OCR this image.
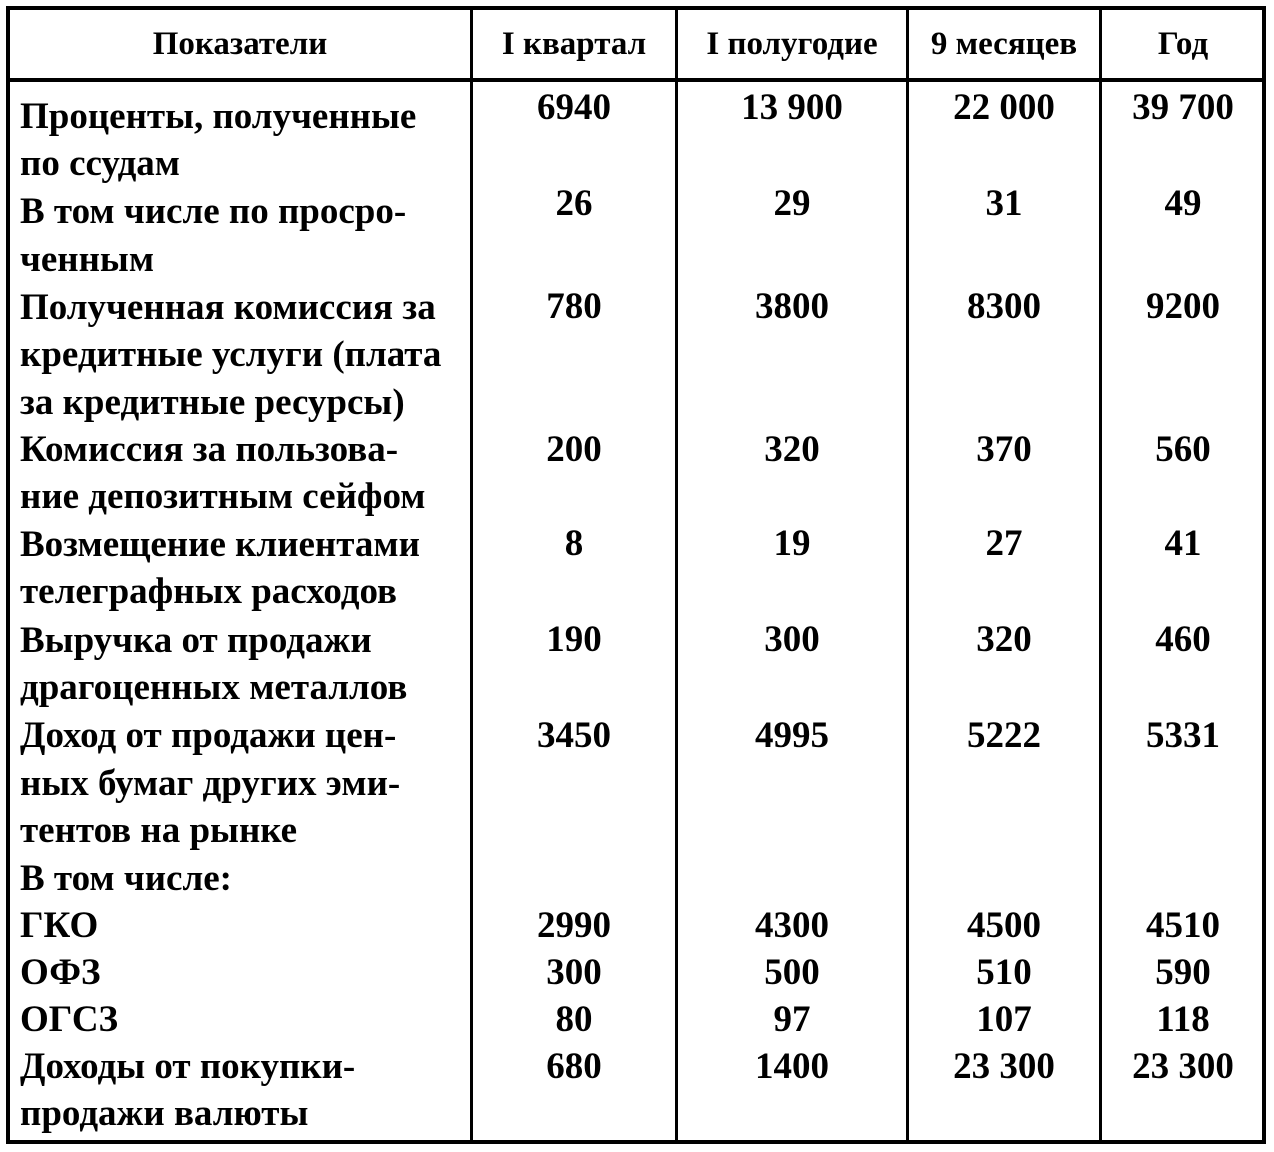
Показатели	I квартал	I полугодие	9 месяцев	Год
Проценты, полученные
по ссудам
6940	13 900	22 000	39 700
В том числе по просро-
ченным
26	29	31	49
Полученная комиссия за
кредитные услуги (плата
за кредитные ресурсы)
780	3800	8300	9200
Комиссия за пользова-
ние депозитным сейфом
200	320	370	560
Возмещение клиентами
телеграфных расходов
8	19	27	41
Выручка от продажи
драгоценных металлов
190	300	320	460
Доход от продажи цен-
ных бумаг других эми-
тентов на рынке
3450	4995	5222	5331
В том числе:
ГКО	2990	4300	4500	4510
ОФЗ	300	500	510	590
ОГСЗ	80	97	107	118
Доходы от покупки-
продажи валюты
680	1400	23 300	23 300
